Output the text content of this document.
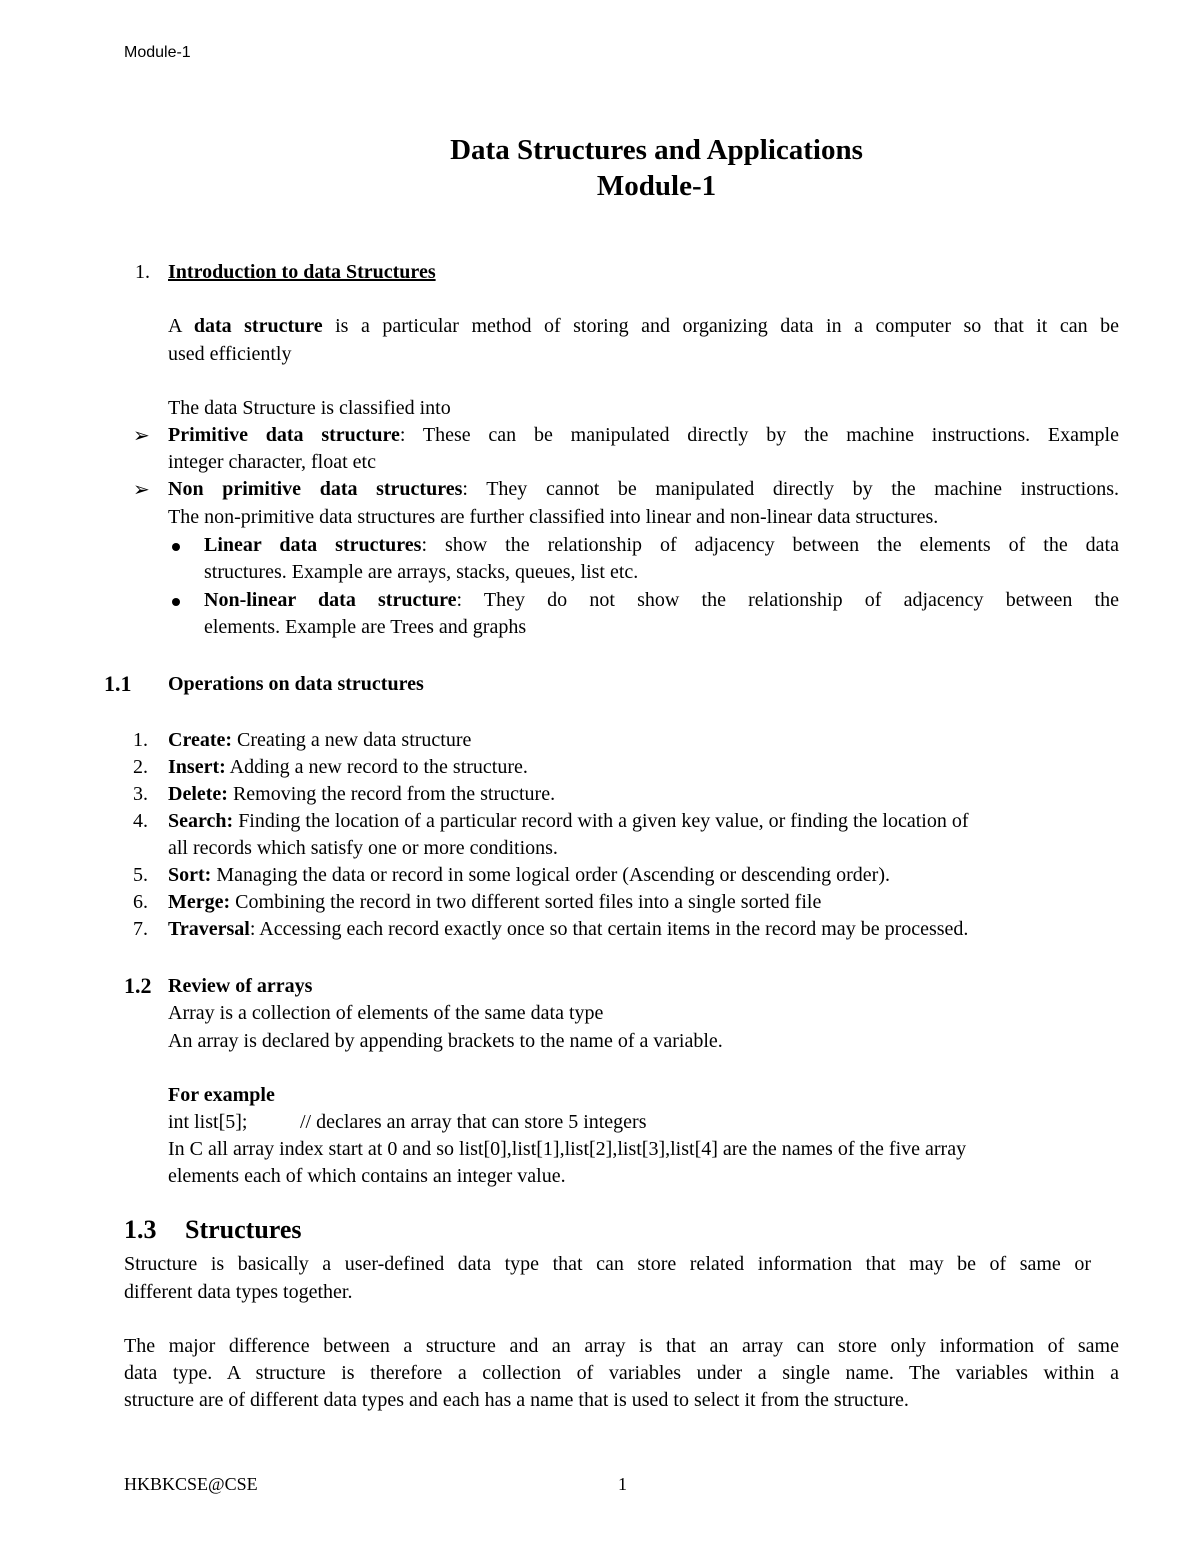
Module-1
Data Structures and Applications
Module-1
1. Introduction to data Structures
A data structure is a particular method of storing and organizing data in a computer so that it can be
used efficiently
The data Structure is classified into
➢ Primitive data structure: These can be manipulated directly by the machine instructions. Example
integer character, float etc
➢ Non primitive data structures: They cannot be manipulated directly by the machine instructions.
The non-primitive data structures are further classified into linear and non-linear data structures.
Linear data structures: show the relationship of adjacency between the elements of the data
structures. Example are arrays, stacks, queues, list etc.
Non-linear data structure: They do not show the relationship of adjacency between the
elements. Example are Trees and graphs
1.1 Operations on data structures
1. Create: Creating a new data structure
2. Insert: Adding a new record to the structure.
3. Delete: Removing the record from the structure.
4. Search: Finding the location of a particular record with a given key value, or finding the location of
all records which satisfy one or more conditions.
5. Sort: Managing the data or record in some logical order (Ascending or descending order).
6. Merge: Combining the record in two different sorted files into a single sorted file
7. Traversal: Accessing each record exactly once so that certain items in the record may be processed.
1.2 Review of arrays
Array is a collection of elements of the same data type
An array is declared by appending brackets to the name of a variable.
For example
int list[5];	// declares an array that can store 5 integers
In C all array index start at 0 and so list[0],list[1],list[2],list[3],list[4] are the names of the five array
elements each of which contains an integer value.
1.3 Structures
Structure is basically a user-defined data type that can store related information that may be of same or
different data types together.
The major difference between a structure and an array is that an array can store only information of same
data type. A structure is therefore a collection of variables under a single name. The variables within a
structure are of different data types and each has a name that is used to select it from the structure.
HKBKCSE@CSE	1
